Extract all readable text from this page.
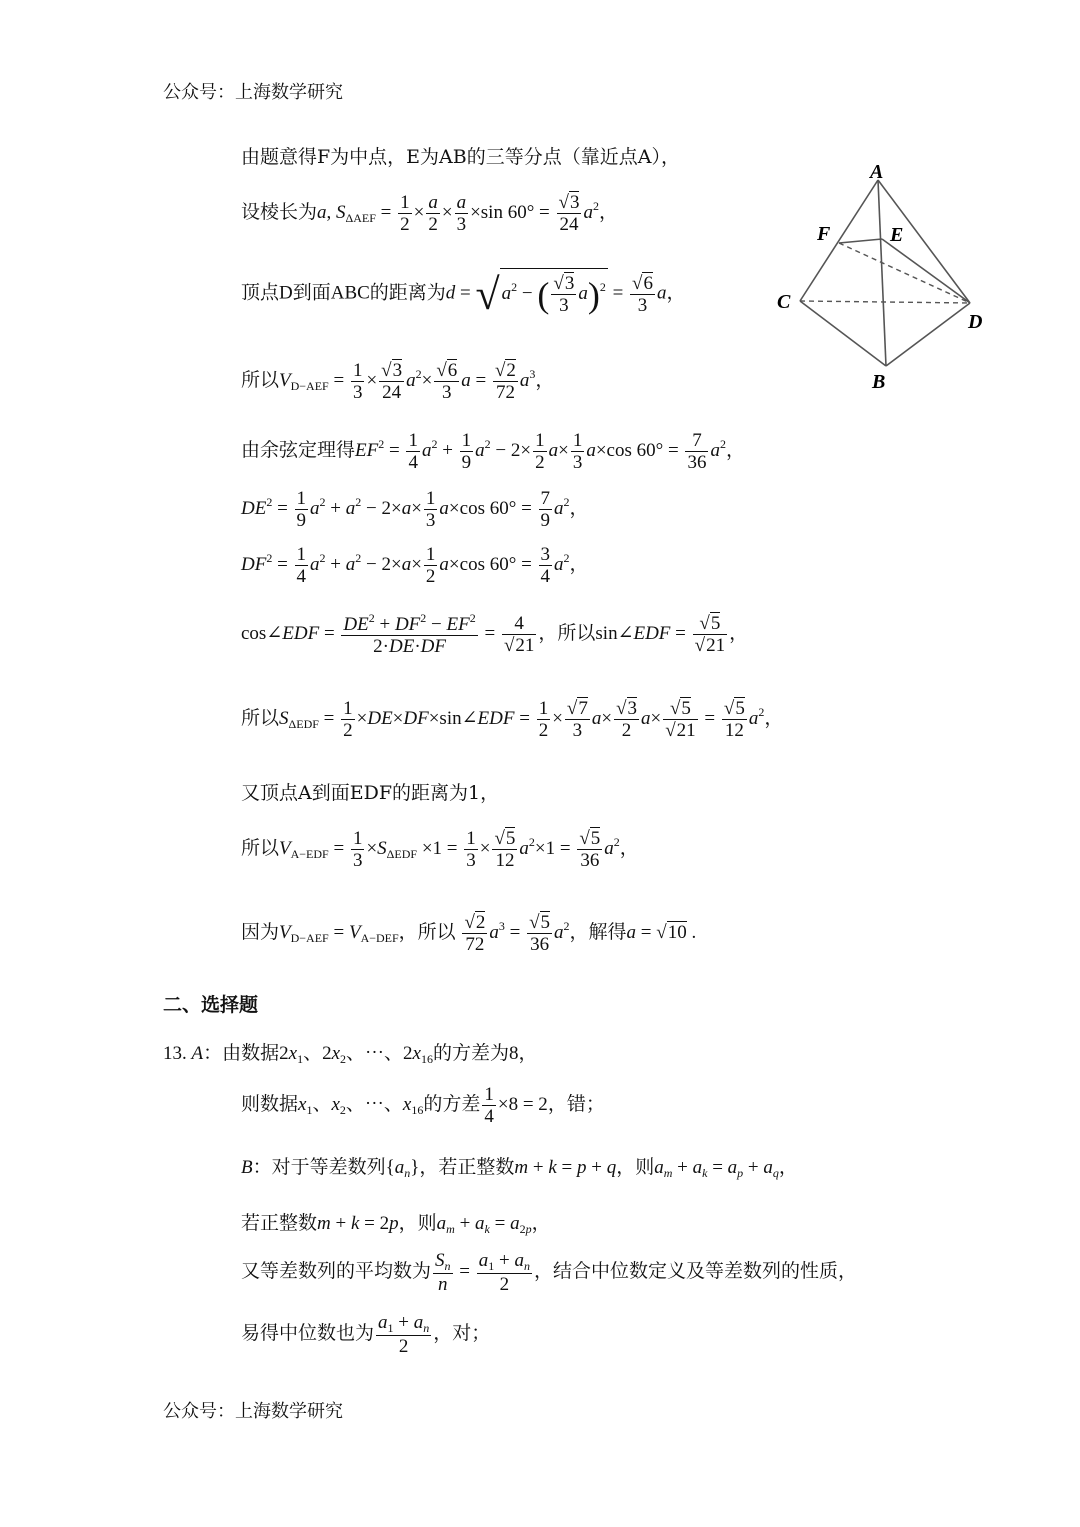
公众号：上海数学研究
由题意得F为中点，E为AB的三等分点（靠近点A），
设棱长为a, $S_{\Delta AEF} = \frac{1}{2} \times \frac{a}{2} \times \frac{a}{3} \times\sin$ $60^\circ = \frac{√3}{24} a^2$，
顶点D到面ABC的距离为d = √ $a^2$ − ( $\frac{√3}{3} a)^2 = \frac{√6}{3}$ a，
所以$V_{D-AEF} = \frac{1}{3} \times \frac{√3}{24} a^2\times \frac{√6}{3}$ $a = \frac{√2}{72} a^3$，
由余弦定理得$EF^2 = \frac{1}{4} a^2 + \frac{1}{9} a^2 - 2\times \frac{1}{2} a\times \frac{1}{3} a\times\cos$ $60^\circ = \frac{7}{36} a^2$，
$DE^2 = \frac{1}{9} a^2 + a^2 - 2\times a\times \frac{1}{3} a\times\cos$ $60^\circ = \frac{7}{9} a^2$，
$DF^2 = \frac{1}{4} a^2 + a^2 - 2\times a\times \frac{1}{2} a\times\cos$ $60^\circ = \frac{3}{4} a^2$，
cos∠EDF = $\frac{DE^2 + DF^2 - EF^2}{2\cdot DE\cdot DF} = \frac{4}{√21}$ ，所以sin∠EDF = $\frac{√5}{√21}$ ，
所以$S_{\Delta EDF} = \frac{1}{2}$ ×DE×DF×sin∠EDF = $\frac{1}{2} \times \frac{√7}{3} a\times \frac{√3}{2} a\times \frac{√5}{√21} = \frac{√5}{12} a^2$，
又顶点A到面EDF的距离为1，
所以$V_{A-EDF} = \frac{1}{3} \times S_{\Delta EDF} \times 1 = \frac{1}{3} \times \frac{√5}{12} a^2\times 1 = \frac{√5}{36} a^2$，
因为$V_{D-AEF} = V_{A-DEF}$，所以 $\frac{√2}{72} a^3 = \frac{√5}{36} a^2$，解得a = √10 .
二、选择题
13. A：由数据$2x_1$、$2x_2$、⋯、$2x_{16}$的方差为8，
则数据$x_1$、$x_2$、⋯、$x_{16}$的方差 $\frac{1}{4} \times 8 = 2$，错；
B：对于等差数列$\{a_n\}$，若正整数m + k = p + q，则$a_m + a_k = a_p + a_q$，
若正整数m + k = 2p，则$a_m + a_k = a_{2p}$，
又等差数列的平均数为 $\frac{S_n}{n} = \frac{a_1 + a_n}{2}$ ，结合中位数定义及等差数列的性质，
易得中位数也为 $\frac{a_1 + a_n}{2}$ ，对；
公众号：上海数学研究
A
F	E
C
D
B
